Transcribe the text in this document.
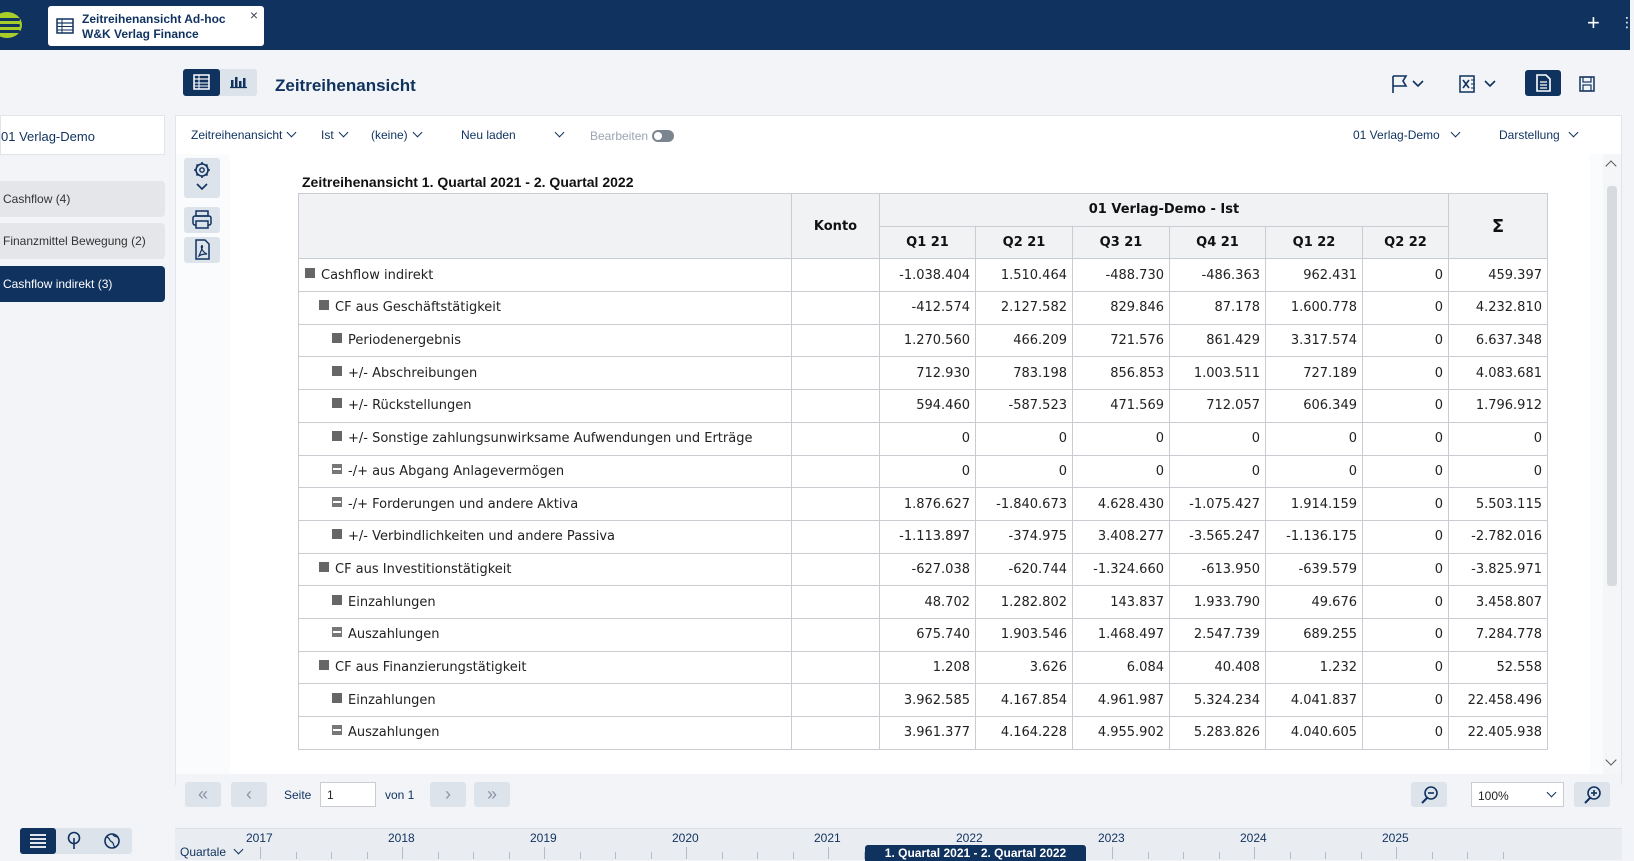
Zeitreihenansicht Ad-hoc
W&K Verlag Finance
×	+ ⋮
Zeitreihenansicht
01 Verlag-Demo
Cashflow (4)
Finanzmittel Bewegung (2)
Cashflow indirekt (3)
Zeitreihenansicht	Ist	(keine)	Neu laden	Bearbeiten	01 Verlag-Demo	Darstellung
Zeitreihenansicht 1. Quartal 2021 - 2. Quartal 2022
	Konto	01 Verlag-Demo - Ist						Σ
		Q1 21	Q2 21	Q3 21	Q4 21	Q1 22	Q2 22	
Cashflow indirekt		-1.038.404	1.510.464	-488.730	-486.363	962.431	0	459.397
CF aus Geschäftstätigkeit		-412.574	2.127.582	829.846	87.178	1.600.778	0	4.232.810
Periodenergebnis		1.270.560	466.209	721.576	861.429	3.317.574	0	6.637.348
+/- Abschreibungen		712.930	783.198	856.853	1.003.511	727.189	0	4.083.681
+/- Rückstellungen		594.460	-587.523	471.569	712.057	606.349	0	1.796.912
+/- Sonstige zahlungsunwirksame Aufwendungen und Erträge		0	0	0	0	0	0	0
-/+ aus Abgang Anlagevermögen		0	0	0	0	0	0	0
-/+ Forderungen und andere Aktiva		1.876.627	-1.840.673	4.628.430	-1.075.427	1.914.159	0	5.503.115
+/- Verbindlichkeiten und andere Passiva		-1.113.897	-374.975	3.408.277	-3.565.247	-1.136.175	0	-2.782.016
CF aus Investitionstätigkeit		-627.038	-620.744	-1.324.660	-613.950	-639.579	0	-3.825.971
Einzahlungen		48.702	1.282.802	143.837	1.933.790	49.676	0	3.458.807
Auszahlungen		675.740	1.903.546	1.468.497	2.547.739	689.255	0	7.284.778
CF aus Finanzierungstätigkeit		1.208	3.626	6.084	40.408	1.232	0	52.558
Einzahlungen		3.962.585	4.167.854	4.961.987	5.324.234	4.041.837	0	22.458.496
Auszahlungen		3.961.377	4.164.228	4.955.902	5.283.826	4.040.605	0	22.405.938
«	‹	Seite
1	von 1	›	»	100%
Quartale
2017	2018	2019	2020	2021	2022	2023	2024	2025
1. Quartal 2021 - 2. Quartal 2022
